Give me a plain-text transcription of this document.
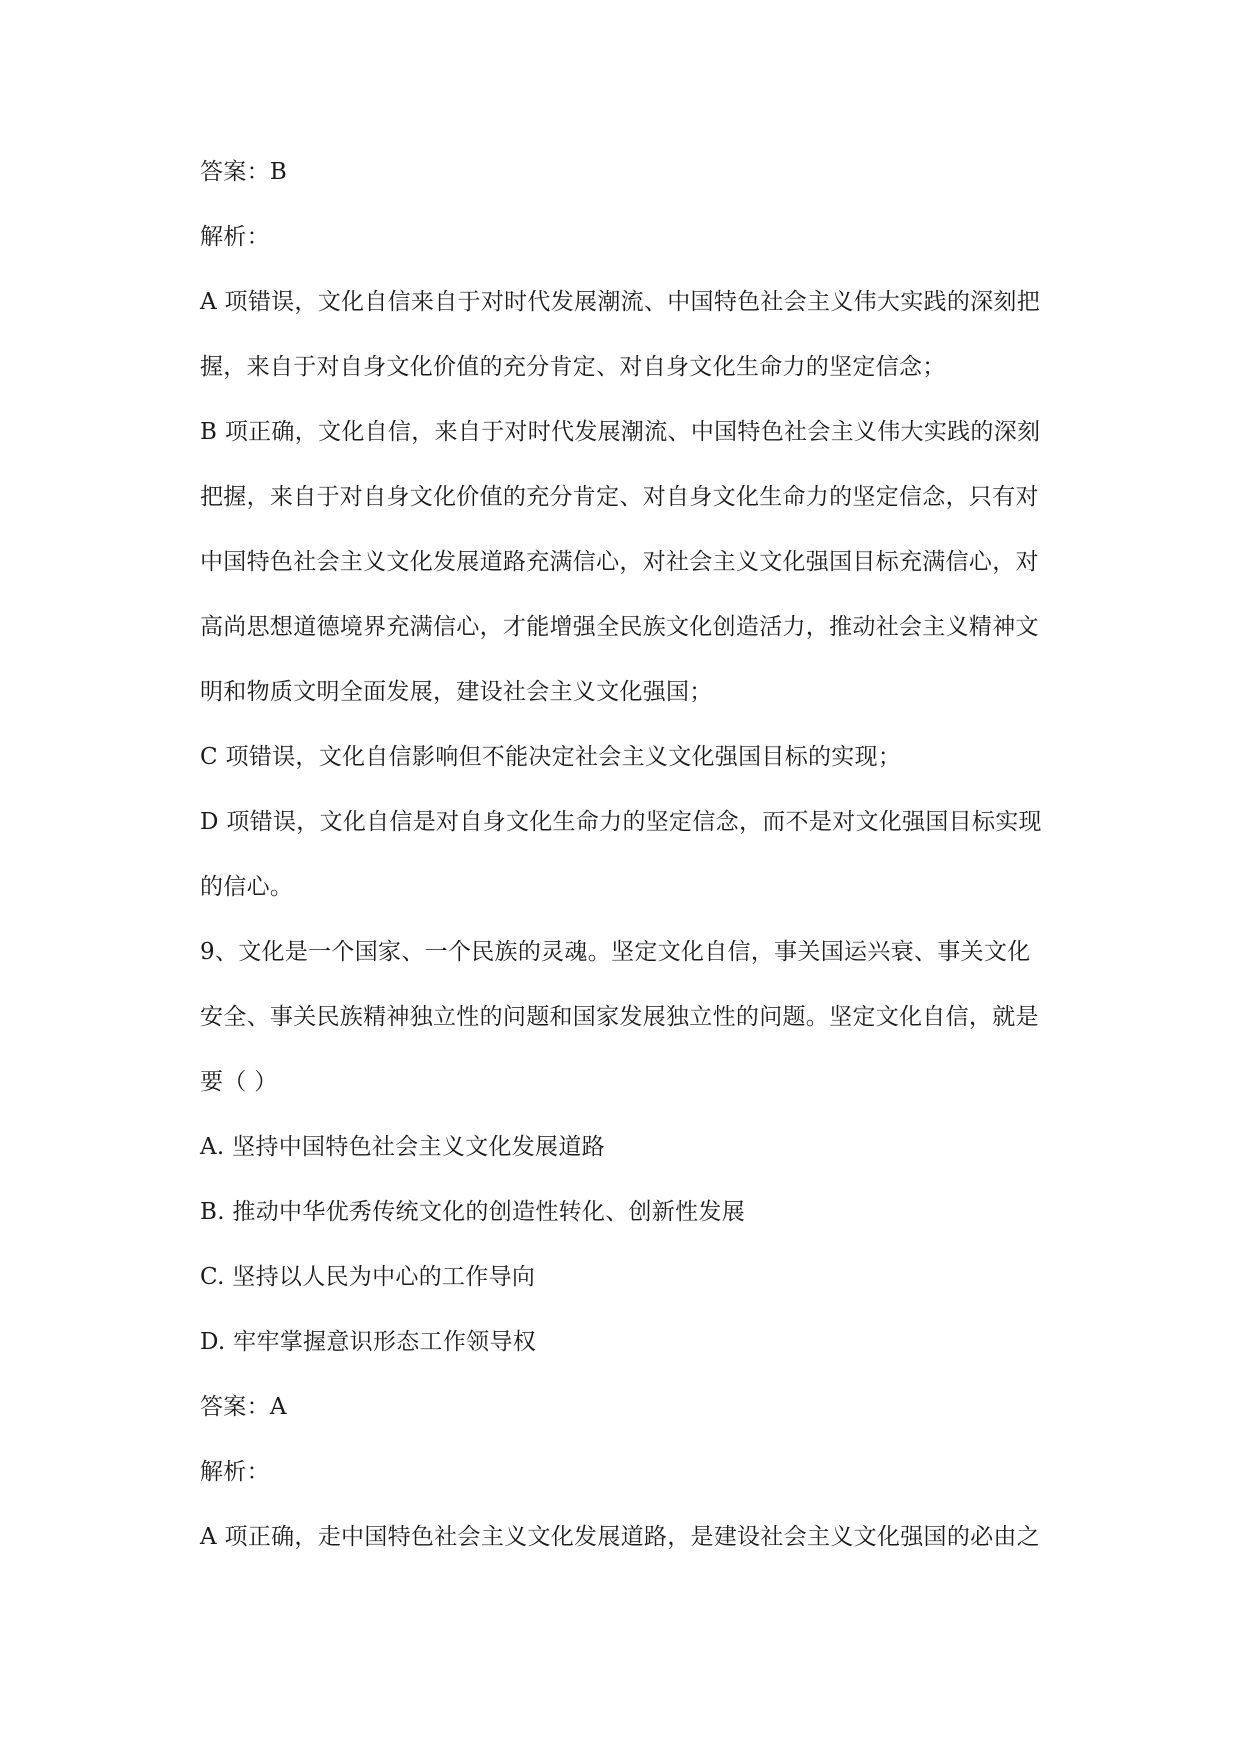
答案：B
解析：
A 项错误，文化自信来自于对时代发展潮流、中国特色社会主义伟大实践的深刻把
握，来自于对自身文化价值的充分肯定、对自身文化生命力的坚定信念；
B 项正确，文化自信，来自于对时代发展潮流、中国特色社会主义伟大实践的深刻
把握，来自于对自身文化价值的充分肯定、对自身文化生命力的坚定信念，只有对
中国特色社会主义文化发展道路充满信心，对社会主义文化强国目标充满信心，对
高尚思想道德境界充满信心，才能增强全民族文化创造活力，推动社会主义精神文
明和物质文明全面发展，建设社会主义文化强国；
C 项错误，文化自信影响但不能决定社会主义文化强国目标的实现；
D 项错误，文化自信是对自身文化生命力的坚定信念，而不是对文化强国目标实现
的信心。
9、文化是一个国家、一个民族的灵魂。坚定文化自信，事关国运兴衰、事关文化
安全、事关民族精神独立性的问题和国家发展独立性的问题。坚定文化自信，就是
要（ ）
A. 坚持中国特色社会主义文化发展道路
B. 推动中华优秀传统文化的创造性转化、创新性发展
C. 坚持以人民为中心的工作导向
D. 牢牢掌握意识形态工作领导权
答案：A
解析：
A 项正确，走中国特色社会主义文化发展道路，是建设社会主义文化强国的必由之
